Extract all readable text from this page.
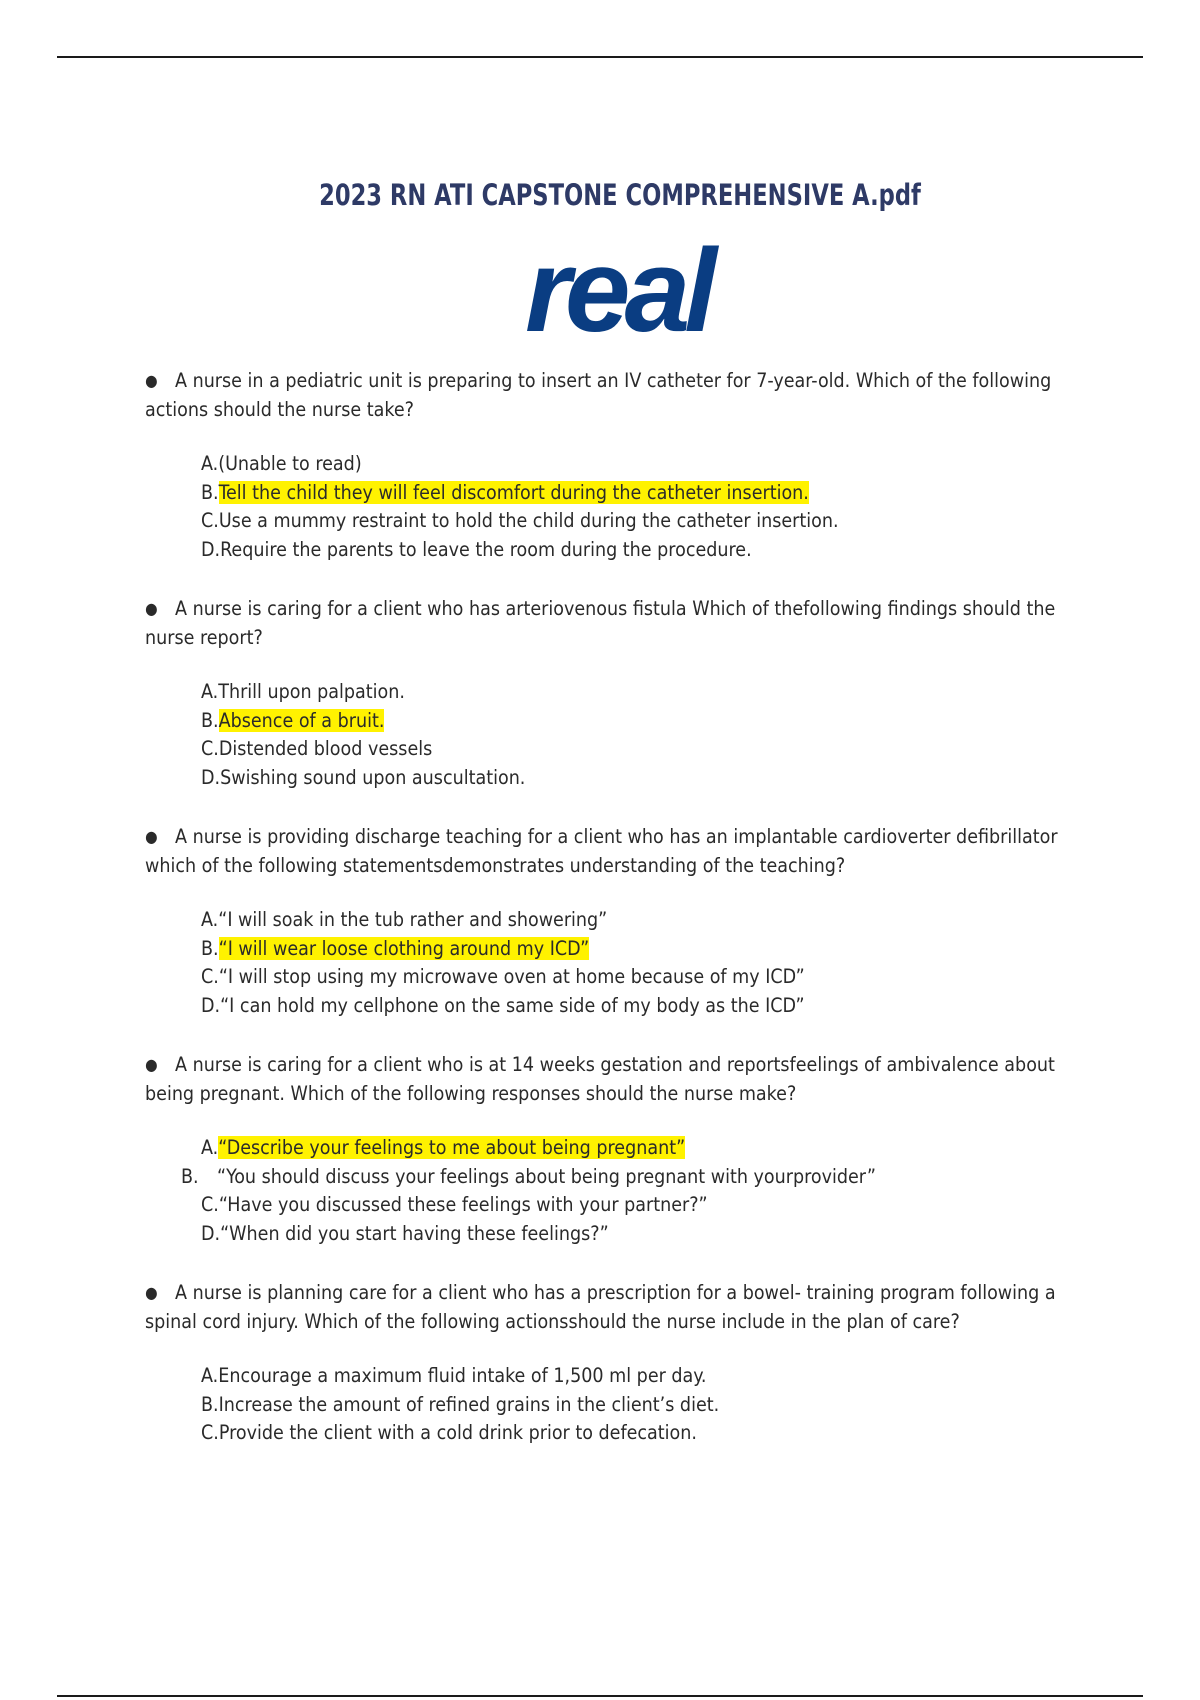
2023 RN ATI CAPSTONE COMPREHENSIVE A.pdf
real

● A nurse in a pediatric unit is preparing to insert an IV catheter for 7-year-old. Which of the following actions should the nurse take?

A.(Unable to read)
B.Tell the child they will feel discomfort during the catheter insertion.
C.Use a mummy restraint to hold the child during the catheter insertion.
D.Require the parents to leave the room during the procedure.

● A nurse is caring for a client who has arteriovenous fistula Which of thefollowing findings should the nurse report?

A.Thrill upon palpation.
B.Absence of a bruit.
C.Distended blood vessels
D.Swishing sound upon auscultation.

● A nurse is providing discharge teaching for a client who has an implantable cardioverter defibrillator which of the following statementsdemonstrates understanding of the teaching?

A.“I will soak in the tub rather and showering”
B.“I will wear loose clothing around my ICD”
C.“I will stop using my microwave oven at home because of my ICD”
D.“I can hold my cellphone on the same side of my body as the ICD”

● A nurse is caring for a client who is at 14 weeks gestation and reportsfeelings of ambivalence about being pregnant. Which of the following responses should the nurse make?

A.“Describe your feelings to me about being pregnant”
B. “You should discuss your feelings about being pregnant with yourprovider”
C.“Have you discussed these feelings with your partner?”
D.“When did you start having these feelings?”

● A nurse is planning care for a client who has a prescription for a bowel- training program following a spinal cord injury. Which of the following actionsshould the nurse include in the plan of care?

A.Encourage a maximum fluid intake of 1,500 ml per day.
B.Increase the amount of refined grains in the client’s diet.
C.Provide the client with a cold drink prior to defecation.
